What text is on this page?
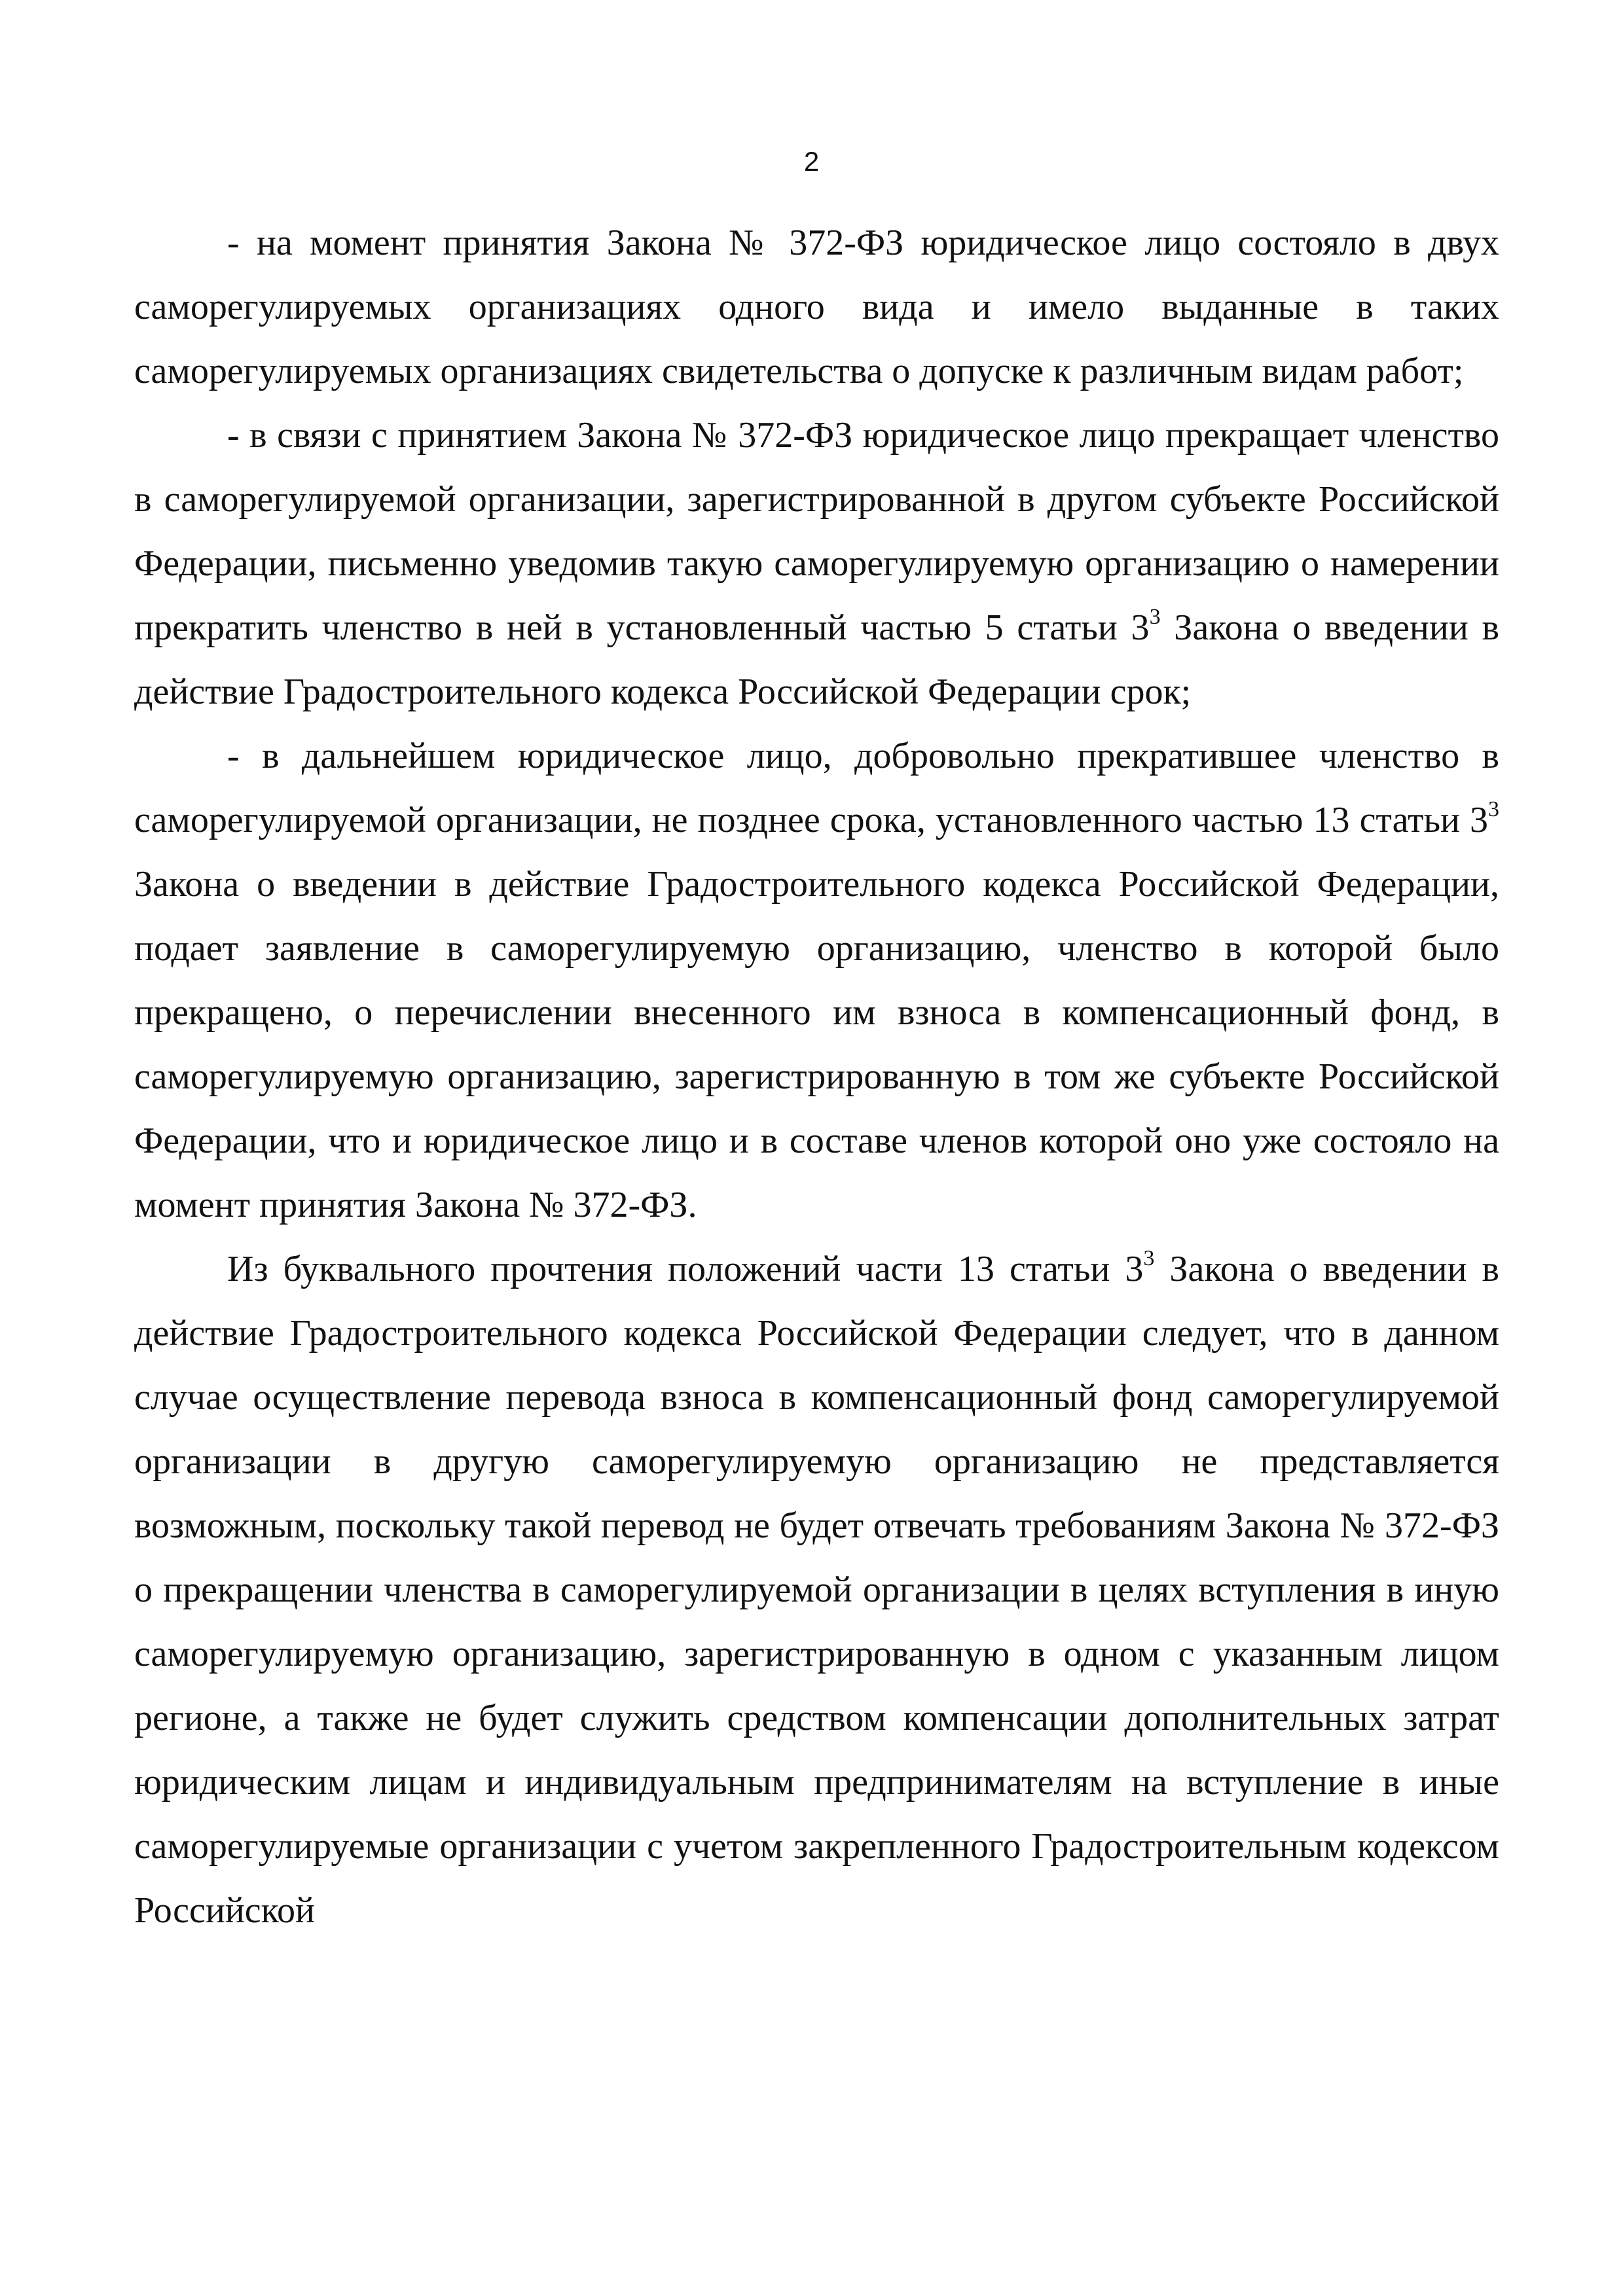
2

- на момент принятия Закона № 372-ФЗ юридическое лицо состояло в двух саморегулируемых организациях одного вида и имело выданные в таких саморегулируемых организациях свидетельства о допуске к различным видам работ;

- в связи с принятием Закона № 372-ФЗ юридическое лицо прекращает членство в саморегулируемой организации, зарегистрированной в другом субъекте Российской Федерации, письменно уведомив такую саморегулируемую организацию о намерении прекратить членство в ней в установленный частью 5 статьи $3^3$ Закона о введении в действие Градостроительного кодекса Российской Федерации срок;

- в дальнейшем юридическое лицо, добровольно прекратившее членство в саморегулируемой организации, не позднее срока, установленного частью 13 статьи $3^3$ Закона о введении в действие Градостроительного кодекса Российской Федерации, подает заявление в саморегулируемую организацию, членство в которой было прекращено, о перечислении внесенного им взноса в компенсационный фонд, в саморегулируемую организацию, зарегистрированную в том же субъекте Российской Федерации, что и юридическое лицо и в составе членов которой оно уже состояло на момент принятия Закона № 372-ФЗ.

Из буквального прочтения положений части 13 статьи $3^3$ Закона о введении в действие Градостроительного кодекса Российской Федерации следует, что в данном случае осуществление перевода взноса в компенсационный фонд саморегулируемой организации в другую саморегулируемую организацию не представляется возможным, поскольку такой перевод не будет отвечать требованиям Закона № 372-ФЗ о прекращении членства в саморегулируемой организации в целях вступления в иную саморегулируемую организацию, зарегистрированную в одном с указанным лицом регионе, а также не будет служить средством компенсации дополнительных затрат юридическим лицам и индивидуальным предпринимателям на вступление в иные саморегулируемые организации с учетом закрепленного Градостроительным кодексом Российской
